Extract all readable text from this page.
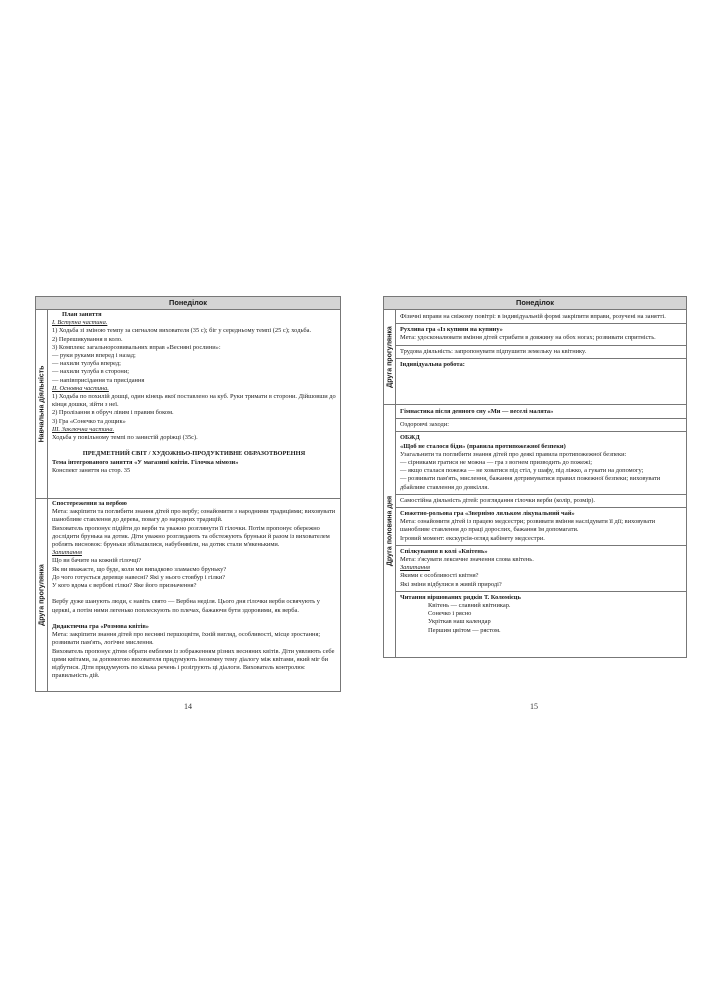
Понеділок
Навчальна діяльність

План заняття

I. Вступна частина.

1) Ходьба зі зміною темпу за сигналом вихователя (35 с); біг у середньому темпі (25 с); ходьба.

2) Перешикування в коло.

3) Комплекс загальнорозвивальних вправ «Весняні рослини»:

— руки руками вперед і назад;

— нахили тулуба вперед;

— нахили тулуба в сторони;

— напівприсідання та присідання

II. Основна частина.

1) Ходьба по похилій дошці, один кінець якої поставлено на куб. Руки тримати в сторони. Дійшовши до кінця дошки, зійти з неї.

2) Пролізання в обруч лівим і правим боком.

3) Гра «Сонечко та дощик»

III. Заключна частина.

Ходьба у повільному темпі по занистій доріжці (35с).

ПРЕДМЕТНИЙ СВІТ / ХУДОЖНЬО-ПРОДУКТИВНЕ ОБРАЗОТВОРЕННЯ

Тема інтегрованого заняття «У магазині квітів. Гілочка мімози»

Конспект заняття на стор. 35

Друга прогулянка

Спостереження за вербою

Мета: закріпити та поглибити знання дітей про вербу; ознайомити з народними традиціями; виховувати шанобливе ставлення до дерева, повагу до народних традицій.

Вихователь пропонує підійти до верби та уважно розглянути її гілочки. Потім пропонує обережно дослідити брунька на дотик. Діти уважно розглядають та обстежують бруньки й разом із вихователем роблять висновок: бруньки збільшилися, набубнявіли, на дотик стали м'якенькими.

Запитання

Що ви бачите на кожній гілочці?

Як ви вважаєте, що буде, коли ми випадково зламаємо бруньку?

До чого готується деревце навесні? Які у нього стовбур і гілки?

У кого вдома є вербові гілки? Яке його призначення?

Вербу дуже шанують люди, є навіть свято — Вербна неділя. Цього дня гілочки верби освячують у церкві, а потім ними легенько поплескують по плечах, бажаючи бути здоровими, як верба.

Дидактична гра «Розмова квітів»

Мета: закріпити знання дітей про весняні першоцвіти, їхній вигляд, особливості, місце зростання; розвивати пам'ять, логічне мислення.

Вихователь пропонує дітям обрати емблеми із зображенням різних весняних квітів. Діти уявляють себе цими квітами, за допомогою вихователя придумують іноземну тему діалогу між квітами, який міг би відбутися. Діти придумують по кілька речень і розігрують ці діалоги. Вихователь контролює правильність дій.

14
Понеділок
Друга прогулянка

Фізичні вправи на свіжому повітрі: в індивідуальній формі закріпити вправи, розучені на занятті.

Рухлива гра «Із купини на купину»

Мета: удосконалювати вміння дітей стрибати в довжину на обох ногах; розвивати спритність.

Трудова діяльність: запропонувати підпушити земельку на квітнику.

Індивідуальна робота:

Друга половина дня

Гімнастика після денного сну «Ми — веселі малята»

Оздоровчі заходи:

ОБЖД

«Щоб не сталося біди» (правила протипожежної безпеки)

Узагальнити та поглибити знання дітей про деякі правила протипожежної безпеки:

— сірниками гратися не можна — гра з вогнем призводить до пожежі;

— якщо сталася пожежа — не ховатися під стіл, у шафу, під ліжко, а гукати на допомогу;

— розвивати пам'ять, мислення, бажання дотримуватися правил пожежної безпеки; виховувати дбайливе ставлення до довкілля.

Самостійна діяльність дітей: розглядання гілочки верби (колір, розмір).

Сюжетно-рольова гра «Звернімо ляльком лікувальний чай»

Мета: ознайомити дітей із працею медсестри; розвивати вміння наслідувати її дії; виховувати шанобливе ставлення до праці дорослих, бажання їм допомагати.

Ігровий момент: екскурсія-огляд кабінету медсестри.

Спілкування в колі «Квітень»

Мета: з'ясувати лексичне значення слова квітень.

Запитання

Якими є особливості квітня?

Які зміни відбулися в живій природі?

Читання віршованих рядків Т. Коломієць

Квітень — славний квітникар.

Сонечко і рясно

Укріткав наш календар

Першим цвітом — рястом.

15
